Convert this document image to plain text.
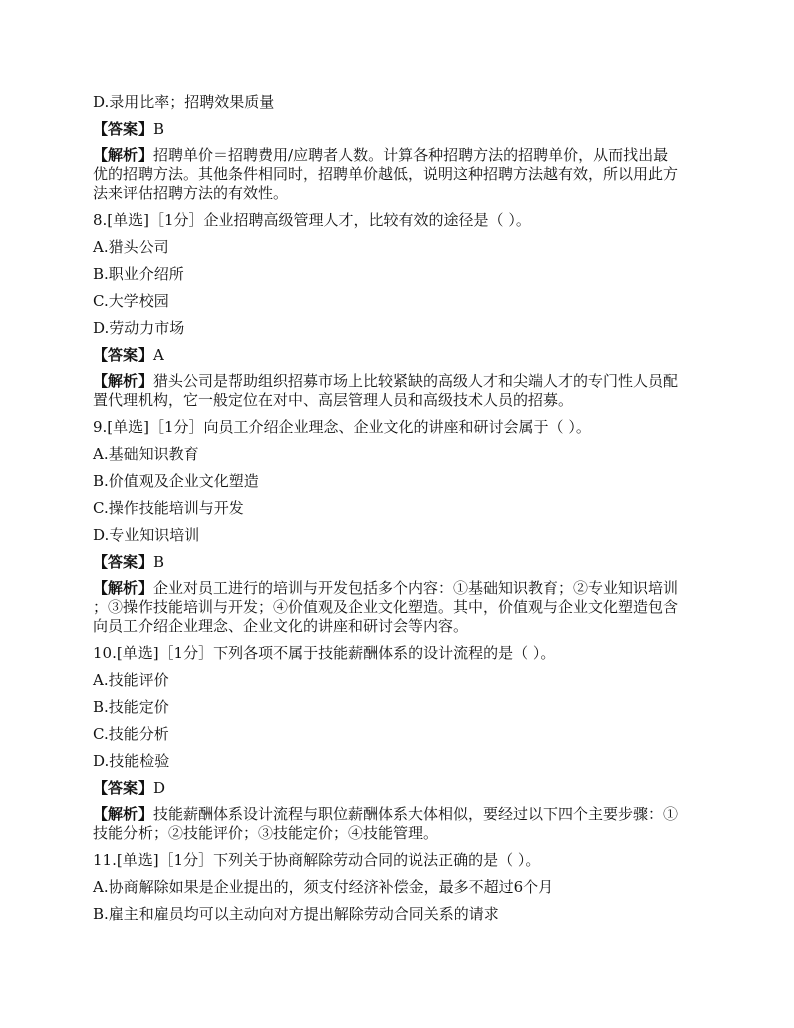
D.录用比率；招聘效果质量
【答案】B
【解析】招聘单价＝招聘费用/应聘者人数。计算各种招聘方法的招聘单价，从而找出最
优的招聘方法。其他条件相同时，招聘单价越低，说明这种招聘方法越有效，所以用此方
法来评估招聘方法的有效性。
8.[单选]［1分］企业招聘高级管理人才，比较有效的途径是（ ）。
A.猎头公司
B.职业介绍所
C.大学校园
D.劳动力市场
【答案】A
【解析】猎头公司是帮助组织招募市场上比较紧缺的高级人才和尖端人才的专门性人员配
置代理机构，它一般定位在对中、高层管理人员和高级技术人员的招募。
9.[单选]［1分］向员工介绍企业理念、企业文化的讲座和研讨会属于（ ）。
A.基础知识教育
B.价值观及企业文化塑造
C.操作技能培训与开发
D.专业知识培训
【答案】B
【解析】企业对员工进行的培训与开发包括多个内容：①基础知识教育；②专业知识培训
；③操作技能培训与开发；④价值观及企业文化塑造。其中，价值观与企业文化塑造包含
向员工介绍企业理念、企业文化的讲座和研讨会等内容。
10.[单选]［1分］下列各项不属于技能薪酬体系的设计流程的是（ ）。
A.技能评价
B.技能定价
C.技能分析
D.技能检验
【答案】D
【解析】技能薪酬体系设计流程与职位薪酬体系大体相似，要经过以下四个主要步骤：①
技能分析；②技能评价；③技能定价；④技能管理。
11.[单选]［1分］下列关于协商解除劳动合同的说法正确的是（ ）。
A.协商解除如果是企业提出的，须支付经济补偿金，最多不超过6个月
B.雇主和雇员均可以主动向对方提出解除劳动合同关系的请求
